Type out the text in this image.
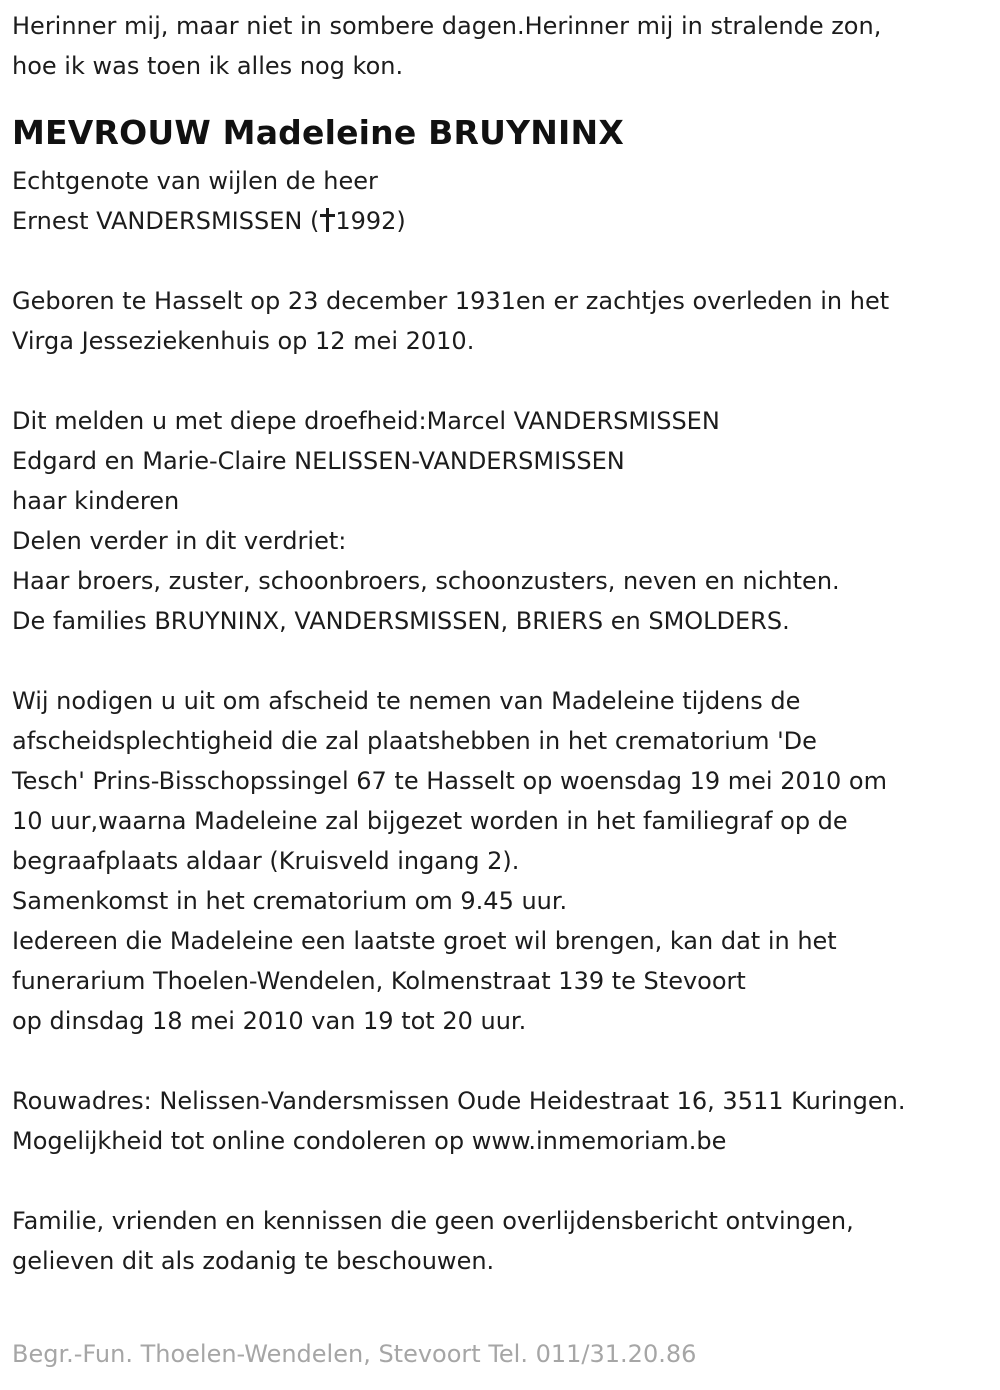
Herinner mij, maar niet in sombere dagen.Herinner mij in stralende zon,

hoe ik was toen ik alles nog kon.

MEVROUW Madeleine BRUYNINX

Echtgenote van wijlen de heer

Ernest VANDERSMISSEN ( 1992)

Geboren te Hasselt op 23 december 1931en er zachtjes overleden in het

Virga Jesseziekenhuis op 12 mei 2010.

Dit melden u met diepe droefheid:Marcel VANDERSMISSEN

Edgard en Marie-Claire NELISSEN-VANDERSMISSEN

haar kinderen

Delen verder in dit verdriet:

Haar broers, zuster, schoonbroers, schoonzusters, neven en nichten.

De families BRUYNINX, VANDERSMISSEN, BRIERS en SMOLDERS.

Wij nodigen u uit om afscheid te nemen van Madeleine tijdens de

afscheidsplechtigheid die zal plaatshebben in het crematorium 'De

Tesch' Prins-Bisschopssingel 67 te Hasselt op woensdag 19 mei 2010 om

10 uur,waarna Madeleine zal bijgezet worden in het familiegraf op de

begraafplaats aldaar (Kruisveld ingang 2).

Samenkomst in het crematorium om 9.45 uur.

Iedereen die Madeleine een laatste groet wil brengen, kan dat in het

funerarium Thoelen-Wendelen, Kolmenstraat 139 te Stevoort

op dinsdag 18 mei 2010 van 19 tot 20 uur.

Rouwadres: Nelissen-Vandersmissen Oude Heidestraat 16, 3511 Kuringen.

Mogelijkheid tot online condoleren op www.inmemoriam.be

Familie, vrienden en kennissen die geen overlijdensbericht ontvingen,

gelieven dit als zodanig te beschouwen.

Begr.-Fun. Thoelen-Wendelen, Stevoort Tel. 011/31.20.86
